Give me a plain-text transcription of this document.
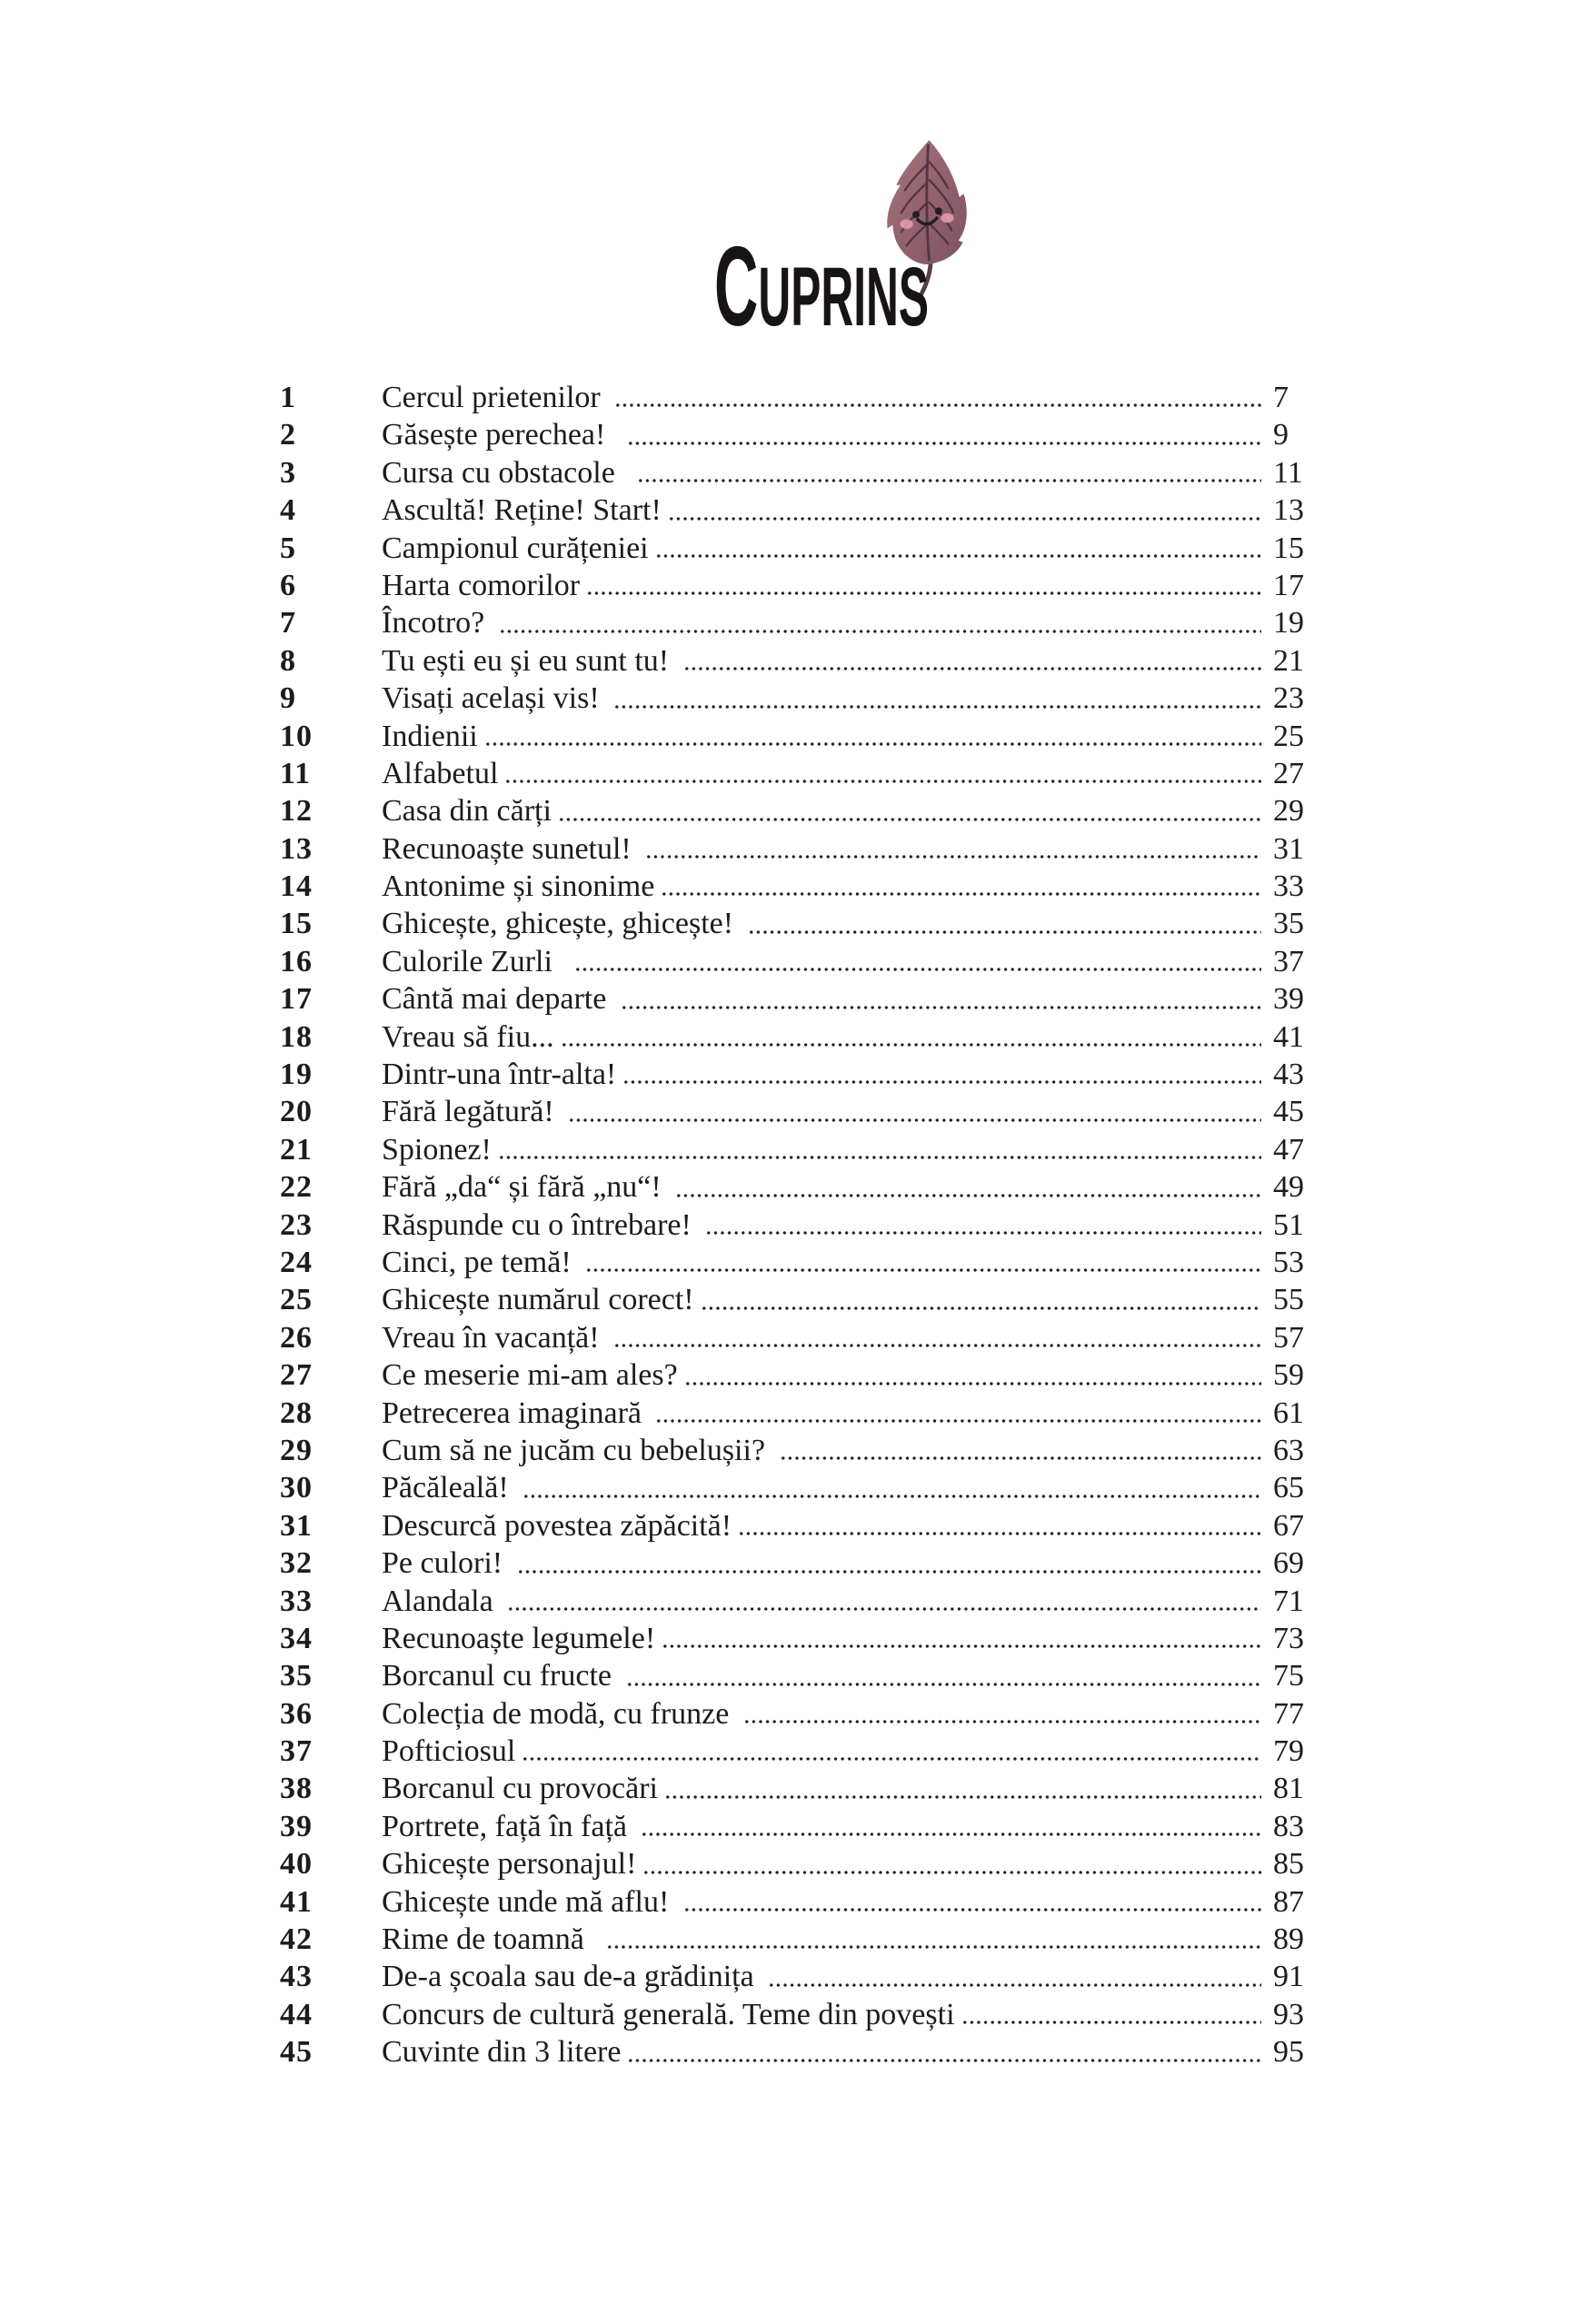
CUPRINS
1	Cercul prietenilor	7
2	Găsește perechea!	9
3	Cursa cu obstacole	11
4	Ascultă! Reține! Start!	13
5	Campionul curățeniei	15
6	Harta comorilor	17
7	Încotro?	19
8	Tu ești eu și eu sunt tu!	21
9	Visați același vis!	23
10	Indienii	25
11	Alfabetul	27
12	Casa din cărți	29
13	Recunoaște sunetul!	31
14	Antonime și sinonime	33
15	Ghicește, ghicește, ghicește!	35
16	Culorile Zurli	37
17	Cântă mai departe	39
18	Vreau să fiu...	41
19	Dintr-una într-alta!	43
20	Fără legătură!	45
21	Spionez!	47
22	Fără „da“ și fără „nu“!	49
23	Răspunde cu o întrebare!	51
24	Cinci, pe temă!	53
25	Ghicește numărul corect!	55
26	Vreau în vacanță!	57
27	Ce meserie mi-am ales?	59
28	Petrecerea imaginară	61
29	Cum să ne jucăm cu bebelușii?	63
30	Păcăleală!	65
31	Descurcă povestea zăpăcită!	67
32	Pe culori!	69
33	Alandala	71
34	Recunoaște legumele!	73
35	Borcanul cu fructe	75
36	Colecția de modă, cu frunze	77
37	Pofticiosul	79
38	Borcanul cu provocări	81
39	Portrete, față în față	83
40	Ghicește personajul!	85
41	Ghicește unde mă aflu!	87
42	Rime de toamnă	89
43	De-a școala sau de-a grădinița	91
44	Concurs de cultură generală. Teme din povești	93
45	Cuvinte din 3 litere	95
